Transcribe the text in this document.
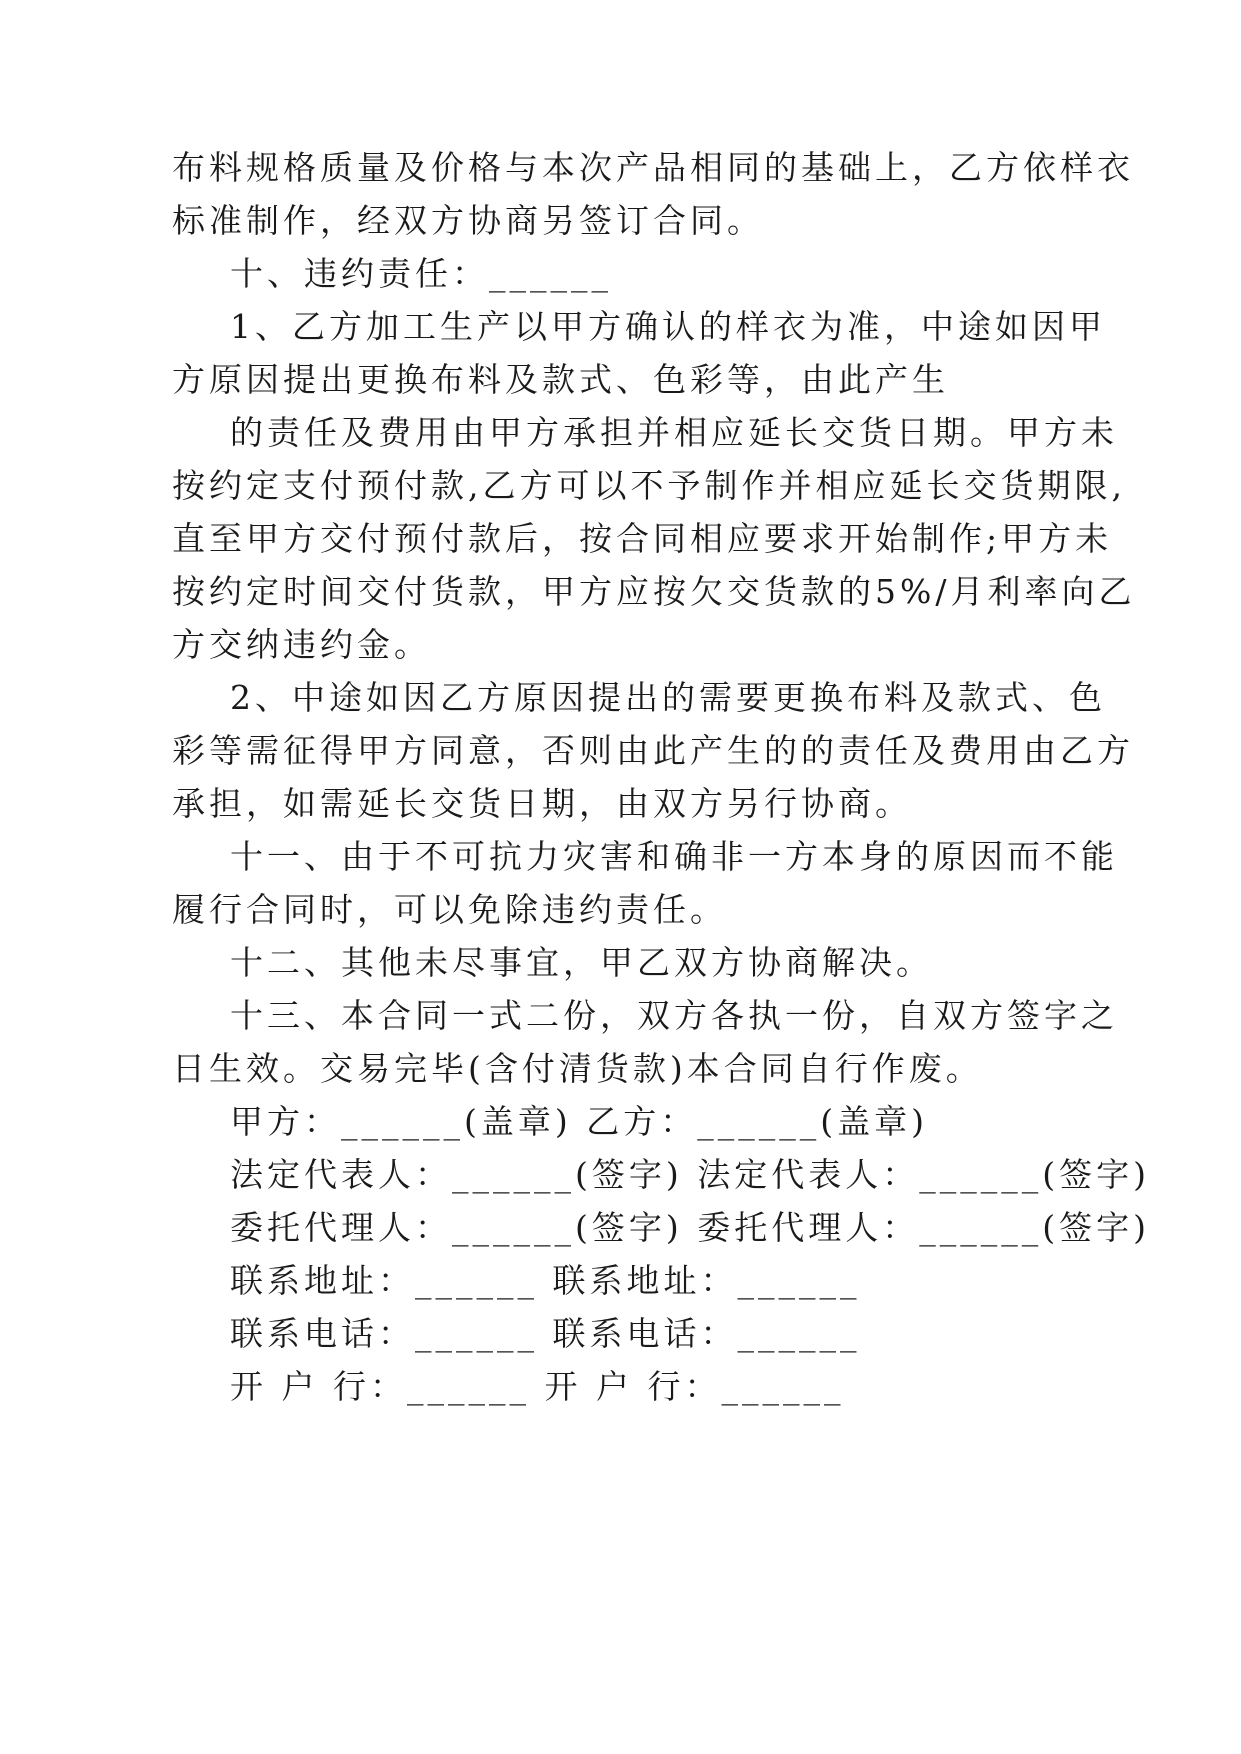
布料规格质量及价格与本次产品相同的基础上，乙方依样衣
标准制作，经双方协商另签订合同。
十、违约责任：______
1、乙方加工生产以甲方确认的样衣为准，中途如因甲
方原因提出更换布料及款式、色彩等，由此产生
的责任及费用由甲方承担并相应延长交货日期。甲方未
按约定支付预付款,乙方可以不予制作并相应延长交货期限,
直至甲方交付预付款后，按合同相应要求开始制作;甲方未
按约定时间交付货款，甲方应按欠交货款的5%/月利率向乙
方交纳违约金。
2、中途如因乙方原因提出的需要更换布料及款式、色
彩等需征得甲方同意，否则由此产生的的责任及费用由乙方
承担，如需延长交货日期，由双方另行协商。
十一、由于不可抗力灾害和确非一方本身的原因而不能
履行合同时，可以免除违约责任。
十二、其他未尽事宜，甲乙双方协商解决。
十三、本合同一式二份，双方各执一份，自双方签字之
日生效。交易完毕(含付清货款)本合同自行作废。
甲方：______(盖章) 乙方：______(盖章)
法定代表人：______(签字) 法定代表人：______(签字)
委托代理人：______(签字) 委托代理人：______(签字)
联系地址：______ 联系地址：______
联系电话：______ 联系电话：______
开 户 行：______ 开 户 行：______
